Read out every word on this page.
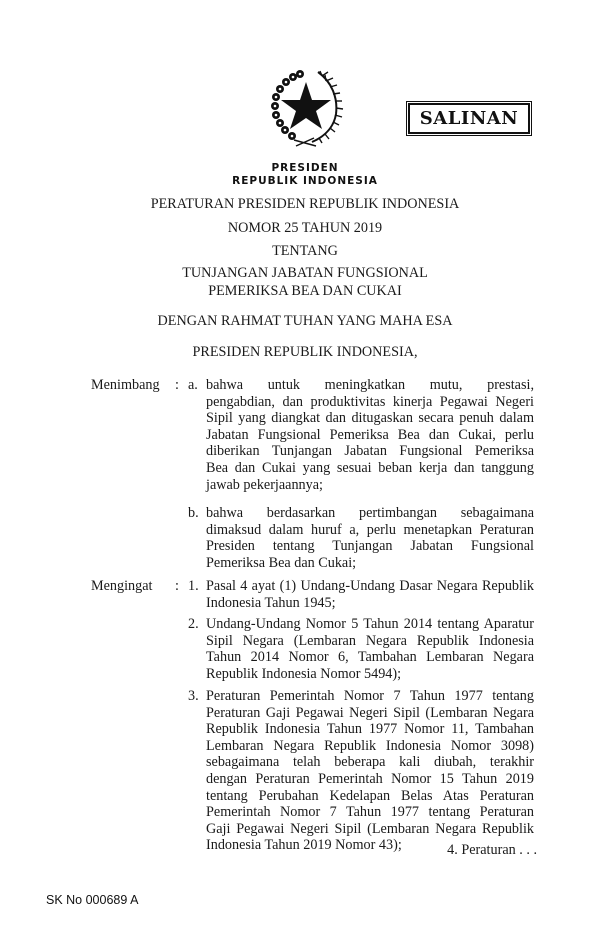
SALINAN
PRESIDEN
REPUBLIK INDONESIA
PERATURAN PRESIDEN REPUBLIK INDONESIA
NOMOR 25 TAHUN 2019
TENTANG
TUNJANGAN JABATAN FUNGSIONAL
PEMERIKSA BEA DAN CUKAI
DENGAN RAHMAT TUHAN YANG MAHA ESA
PRESIDEN REPUBLIK INDONESIA,
Menimbang : a. bahwa untuk meningkatkan mutu, prestasi,
pengabdian, dan produktivitas kinerja Pegawai Negeri
Sipil yang diangkat dan ditugaskan secara penuh dalam
Jabatan Fungsional Pemeriksa Bea dan Cukai, perlu
diberikan Tunjangan Jabatan Fungsional Pemeriksa
Bea dan Cukai yang sesuai beban kerja dan tanggung
jawab pekerjaannya;
b. bahwa berdasarkan pertimbangan sebagaimana
dimaksud dalam huruf a, perlu menetapkan Peraturan
Presiden tentang Tunjangan Jabatan Fungsional
Pemeriksa Bea dan Cukai;
Mengingat : 1. Pasal 4 ayat (1) Undang-Undang Dasar Negara Republik
Indonesia Tahun 1945;
2. Undang-Undang Nomor 5 Tahun 2014 tentang Aparatur
Sipil Negara (Lembaran Negara Republik Indonesia
Tahun 2014 Nomor 6, Tambahan Lembaran Negara
Republik Indonesia Nomor 5494);
3. Peraturan Pemerintah Nomor 7 Tahun 1977 tentang
Peraturan Gaji Pegawai Negeri Sipil (Lembaran Negara
Republik Indonesia Tahun 1977 Nomor 11, Tambahan
Lembaran Negara Republik Indonesia Nomor 3098)
sebagaimana telah beberapa kali diubah, terakhir
dengan Peraturan Pemerintah Nomor 15 Tahun 2019
tentang Perubahan Kedelapan Belas Atas Peraturan
Pemerintah Nomor 7 Tahun 1977 tentang Peraturan
Gaji Pegawai Negeri Sipil (Lembaran Negara Republik
Indonesia Tahun 2019 Nomor 43);	4. Peraturan . . .
SK No 000689 A
